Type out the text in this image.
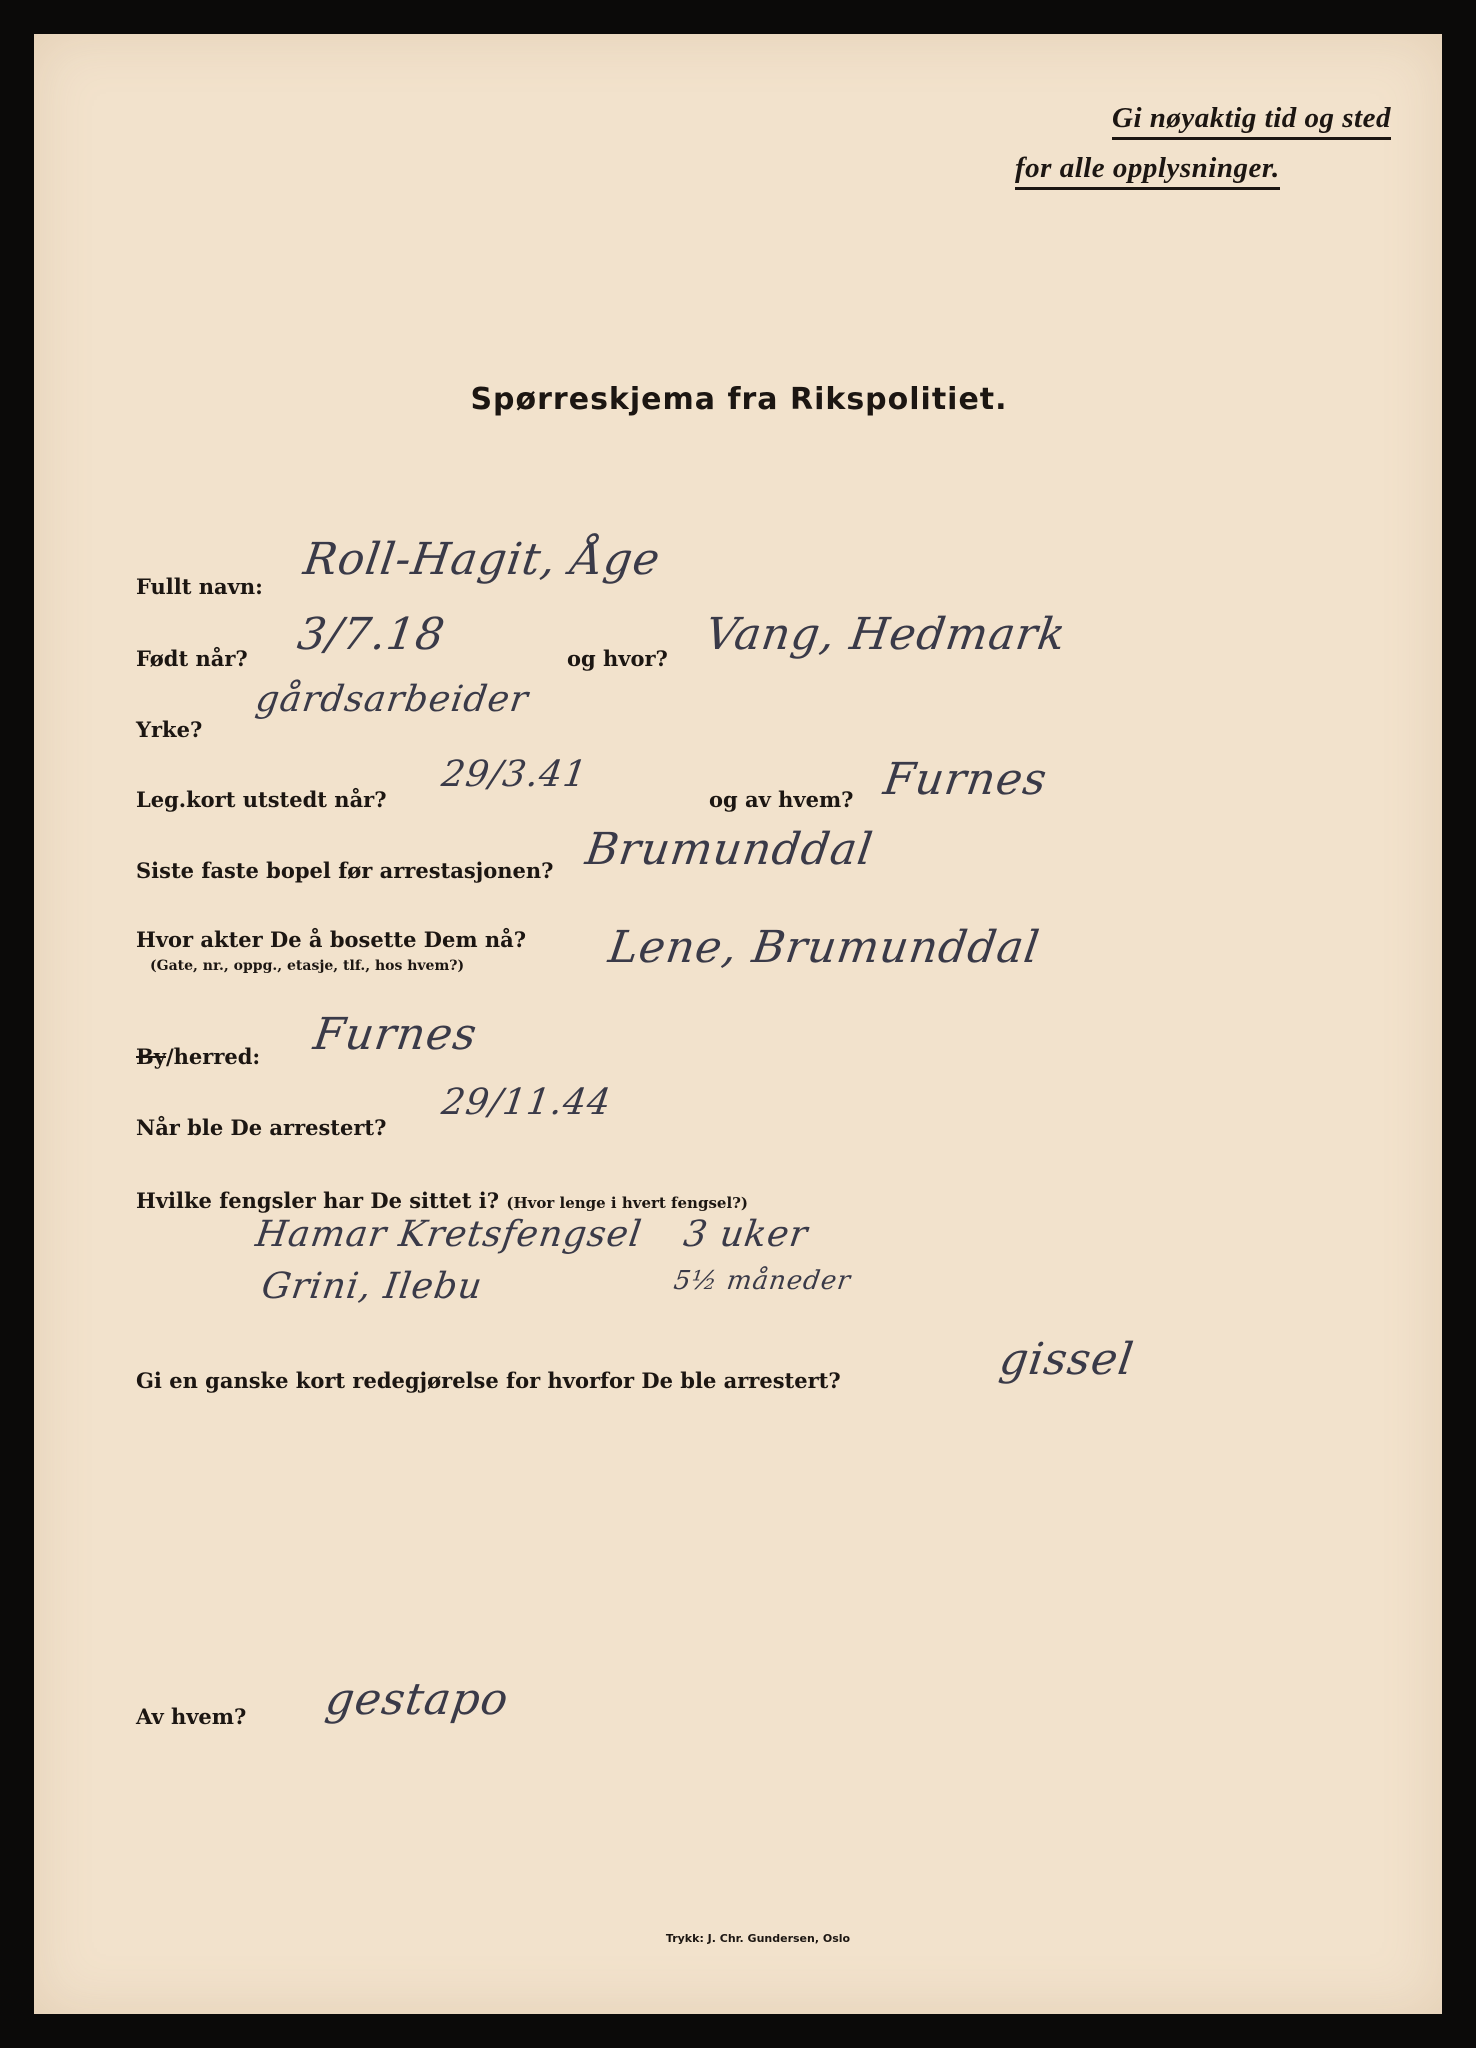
Gi nøyaktig tid og sted
for alle opplysninger.
Spørreskjema fra Rikspolitiet.
Fullt navn:
Roll-Hagit, Åge
Født når? 3/7.18	og hvor? Vang, Hedmark
Yrke?
gårdsarbeider
Leg.kort utstedt når?
29/3.41
og av hvem? Furnes
Siste faste bopel før arrestasjonen? Brumunddal
Hvor akter De å bosette Dem nå?
(Gate, nr., oppg., etasje, tlf., hos hvem?)	Lene, Brumunddal
By/herred: Furnes
Når ble De arrestert?
29/11.44
Hvilke fengsler har De sittet i? (Hvor lenge i hvert fengsel?)
Hamar Kretsfengsel 3 uker
Grini, Ilebu	5½ måneder
Gi en ganske kort redegjørelse for hvorfor De ble arrestert?	gissel
Av hvem? gestapo
Trykk: J. Chr. Gundersen, Oslo
